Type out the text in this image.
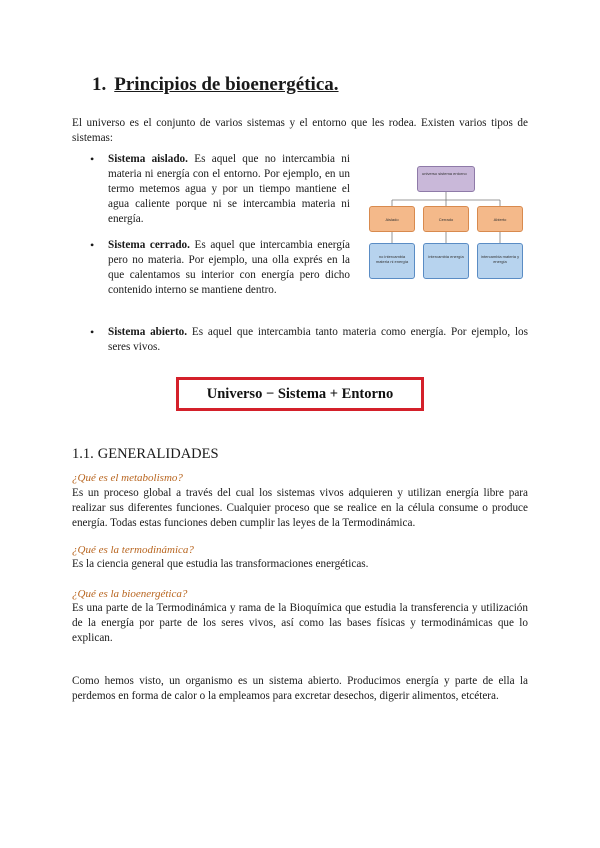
1. Principios de bioenergética.
El universo es el conjunto de varios sistemas y el entorno que les rodea. Existen varios tipos de sistemas:
• Sistema aislado. Es aquel que no intercambia ni materia ni energía con el entorno. Por ejemplo, en un termo metemos agua y por un tiempo mantiene el agua caliente porque ni se intercambia materia ni energía.
• Sistema cerrado. Es aquel que intercambia energía pero no materia. Por ejemplo, una olla exprés en la que calentamos su interior con energía pero dicho contenido interno se mantiene dentro.
• Sistema abierto. Es aquel que intercambia tanto materia como energía. Por ejemplo, los seres vivos.
universo sistema entorno
Aislado	Cerrado	Abierto
no intercambia materia ni energía
intercambia energía	intercambia materia y energía
Universo − Sistema + Entorno
1.1. GENERALIDADES
¿Qué es el metabolismo?
Es un proceso global a través del cual los sistemas vivos adquieren y utilizan energía libre para realizar sus diferentes funciones. Cualquier proceso que se realice en la célula consume o produce energía. Todas estas funciones deben cumplir las leyes de la Termodinámica.
¿Qué es la termodinámica?
Es la ciencia general que estudia las transformaciones energéticas.
¿Qué es la bioenergética?
Es una parte de la Termodinámica y rama de la Bioquímica que estudia la transferencia y utilización de la energía por parte de los seres vivos, así como las bases físicas y termodinámicas que lo explican.
Como hemos visto, un organismo es un sistema abierto. Producimos energía y parte de ella la perdemos en forma de calor o la empleamos para excretar desechos, digerir alimentos, etcétera.
